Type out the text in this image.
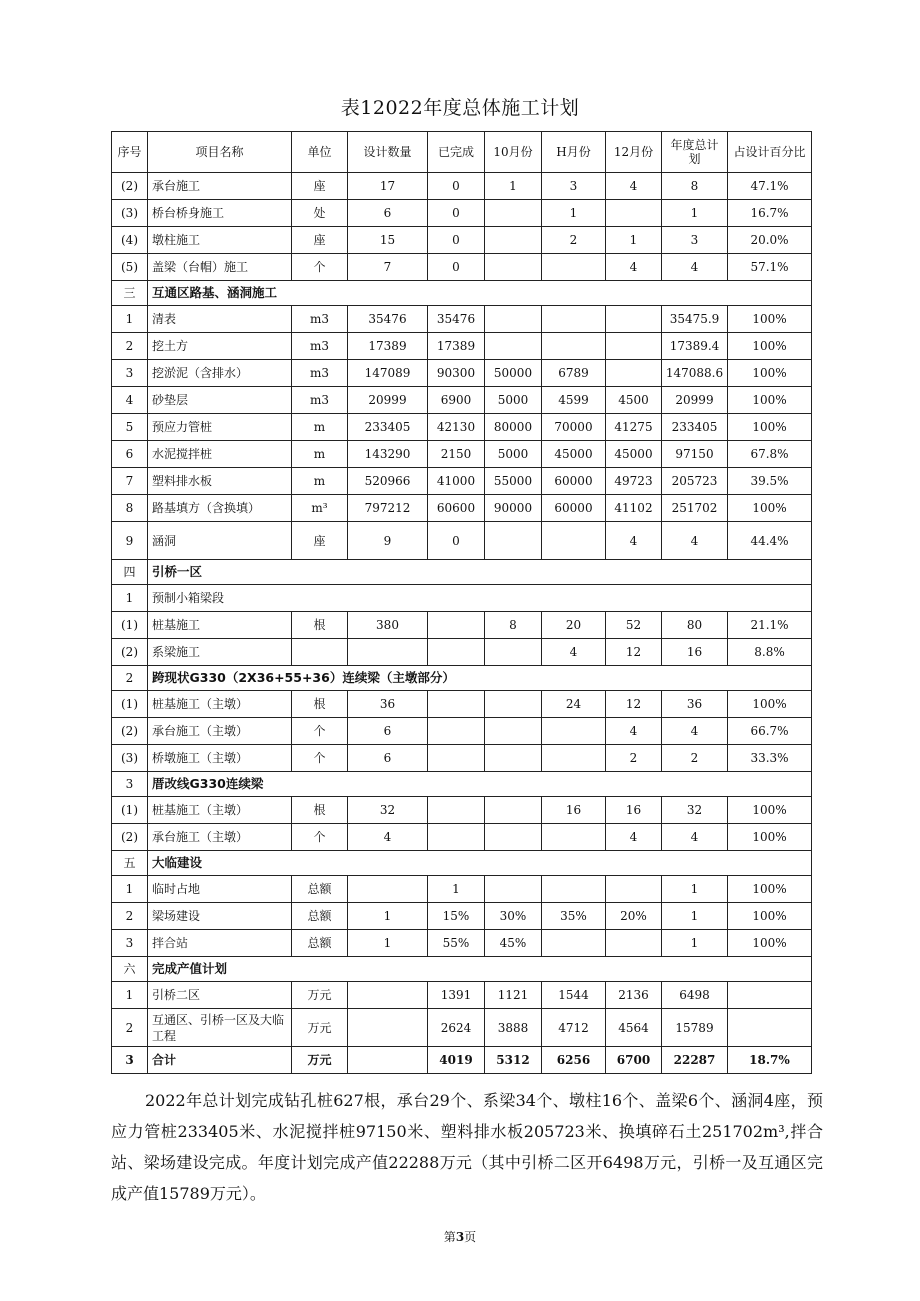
表12022年度总体施工计划
序号	项目名称	单位	设计数量	已完成	10月份	H月份	12月份	年度总计划	占设计百分比
(2)	承台施工	座	17	0	1	3	4	8	47.1%
(3)	桥台桥身施工	处	6	0		1		1	16.7%
(4)	墩柱施工	座	15	0		2	1	3	20.0%
(5)	盖梁（台帽）施工	个	7	0			4	4	57.1%
三	互通区路基、涵洞施工								
1	清表	m3	35476	35476				35475.9	100%
2	挖土方	m3	17389	17389				17389.4	100%
3	挖淤泥（含排水）	m3	147089	90300	50000	6789		147088.6	100%
4	砂垫层	m3	20999	6900	5000	4599	4500	20999	100%
5	预应力管桩	m	233405	42130	80000	70000	41275	233405	100%
6	水泥搅拌桩	m	143290	2150	5000	45000	45000	97150	67.8%
7	塑料排水板	m	520966	41000	55000	60000	49723	205723	39.5%
8	路基填方（含换填）	m³	797212	60600	90000	60000	41102	251702	100%
9	涵洞	座	9	0			4	4	44.4%
四	引桥一区								
1	预制小箱梁段								
(1)	桩基施工	根	380		8	20	52	80	21.1%
(2)	系梁施工					4	12	16	8.8%
2	跨现状G330（2X36+55+36）连续梁（主墩部分）								
(1)	桩基施工（主墩）	根	36			24	12	36	100%
(2)	承台施工（主墩）	个	6				4	4	66.7%
(3)	桥墩施工（主墩）	个	6				2	2	33.3%
3	厝改线G330连续梁								
(1)	桩基施工（主墩）	根	32			16	16	32	100%
(2)	承台施工（主墩）	个	4				4	4	100%
五	大临建设								
1	临时占地	总额		1				1	100%
2	梁场建设	总额	1	15%	30%	35%	20%	1	100%
3	拌合站	总额	1	55%	45%			1	100%
六	完成产值计划								
1	引桥二区	万元		1391	1121	1544	2136	6498	
2	互通区、引桥一区及大临工程	万元		2624	3888	4712	4564	15789	
3	合计	万元		4019	5312	6256	6700	22287	18.7%
2022年总计划完成钻孔桩627根，承台29个、系梁34个、墩柱16个、盖梁6个、涵洞4座，预应力管桩233405米、水泥搅拌桩97150米、塑料排水板205723米、换填碎石土251702m³,拌合站、梁场建设完成。年度计划完成产值22288万元（其中引桥二区开6498万元，引桥一及互通区完成产值15789万元）。
第3页
